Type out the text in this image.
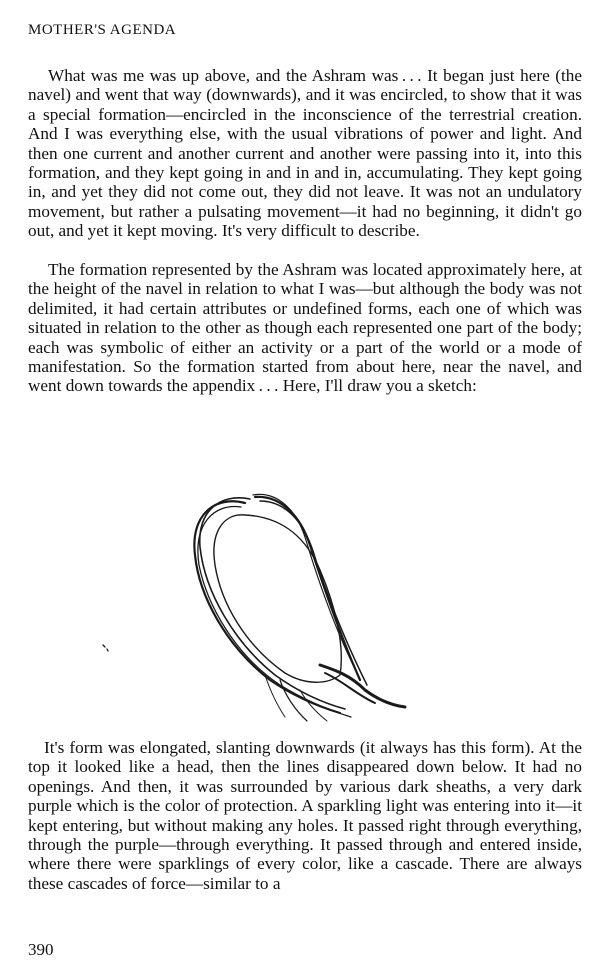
MOTHER'S AGENDA

What was me was up above, and the Ashram was . . . It began just here (the navel) and went that way (downwards), and it was encircled, to show that it was a special formation—encircled in the inconscience of the terrestrial creation. And I was everything else, with the usual vibrations of power and light. And then one current and another current and another were passing into it, into this formation, and they kept going in and in and in, accumulating. They kept going in, and yet they did not come out, they did not leave. It was not an undulatory movement, but rather a pulsating movement—it had no beginning, it didn't go out, and yet it kept moving. It's very difficult to describe.

The formation represented by the Ashram was located approximately here, at the height of the navel in relation to what I was—but although the body was not delimited, it had certain attributes or undefined forms, each one of which was situated in relation to the other as though each represented one part of the body; each was symbolic of either an activity or a part of the world or a mode of manifestation. So the formation started from about here, near the navel, and went down towards the appendix . . . Here, I'll draw you a sketch:

It's form was elongated, slanting downwards (it always has this form). At the top it looked like a head, then the lines disappeared down below. It had no openings. And then, it was surrounded by various dark sheaths, a very dark purple which is the color of protection. A sparkling light was entering into it—it kept entering, but without making any holes. It passed right through everything, through the purple—through everything. It passed through and entered inside, where there were sparklings of every color, like a cascade. There are always these cascades of force—similar to a

390
